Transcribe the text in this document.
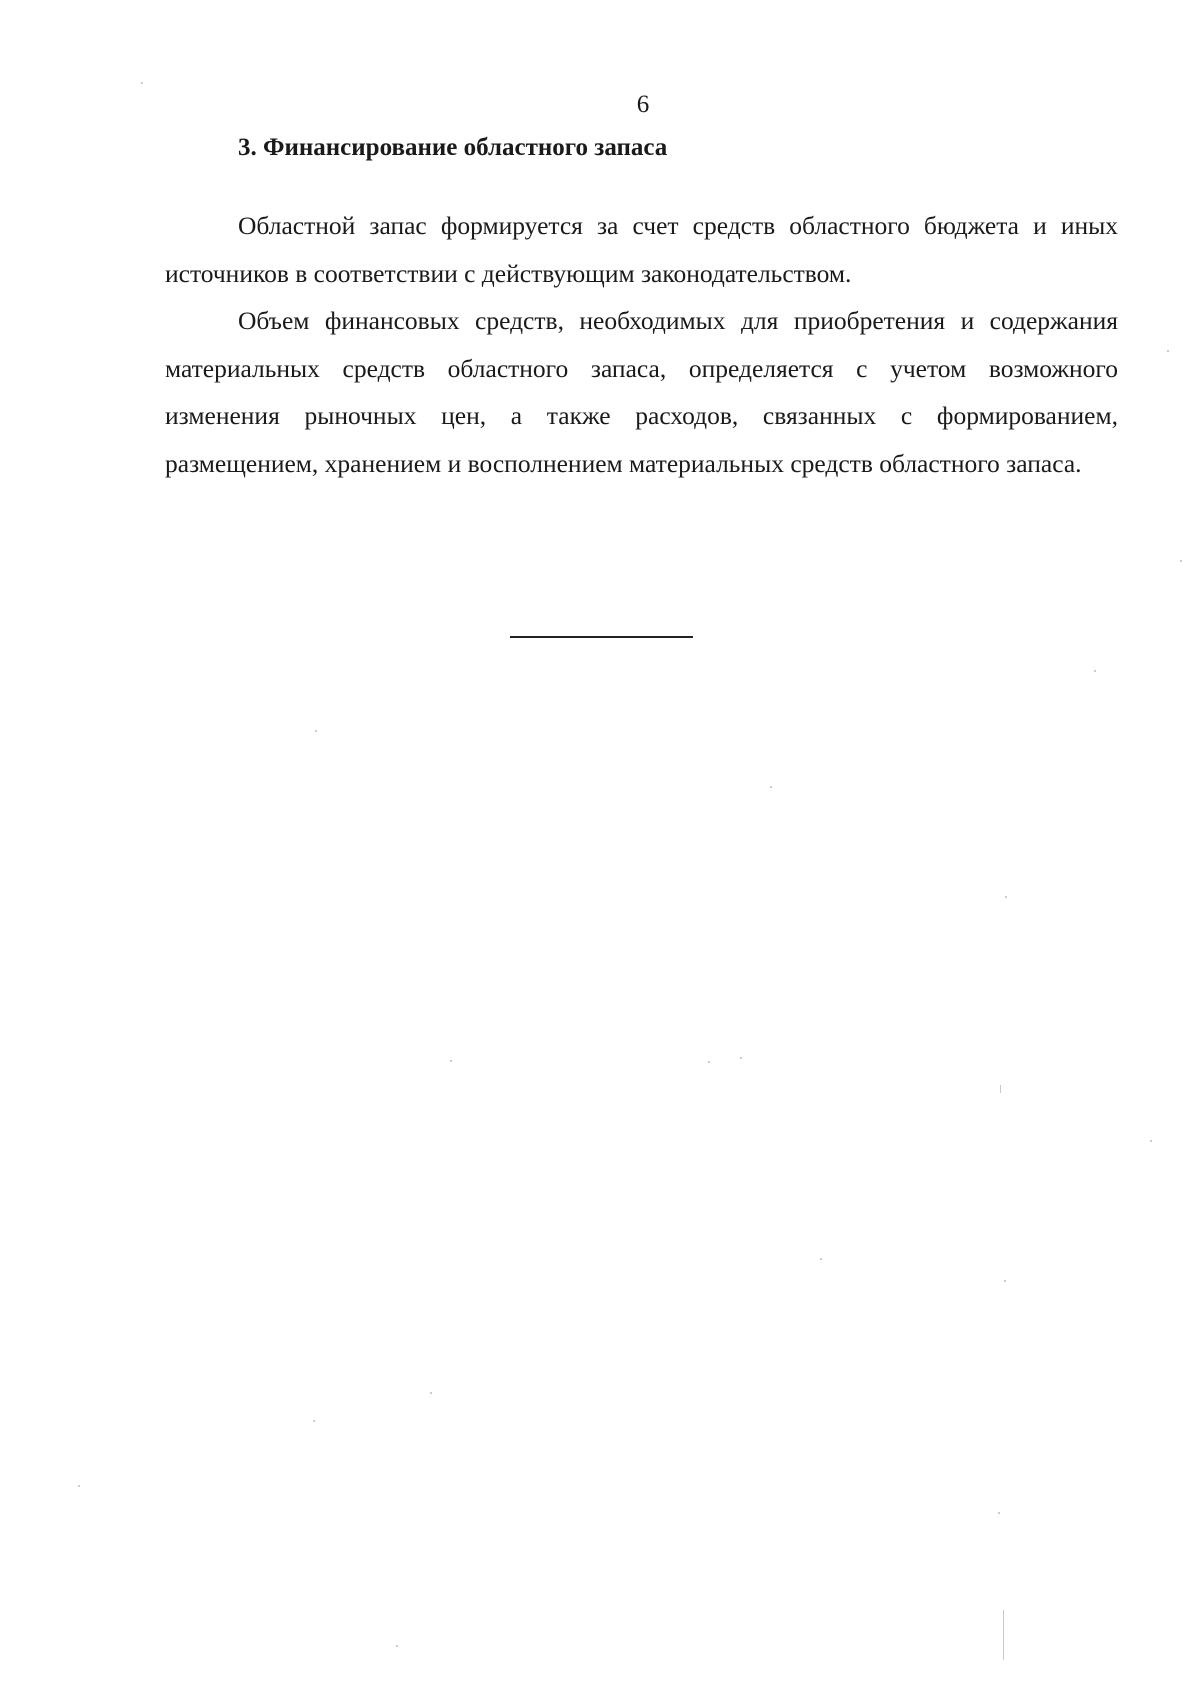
6
3. Финансирование областного запаса

Областной запас формируется за счет средств областного бюджета и иных источников в соответствии с действующим законодательством.

Объем финансовых средств, необходимых для приобретения и содержания материальных средств областного запаса, определяется с учетом возможного изменения рыночных цен, а также расходов, связанных с формированием, размещением, хранением и восполнением материальных средств областного запаса.
